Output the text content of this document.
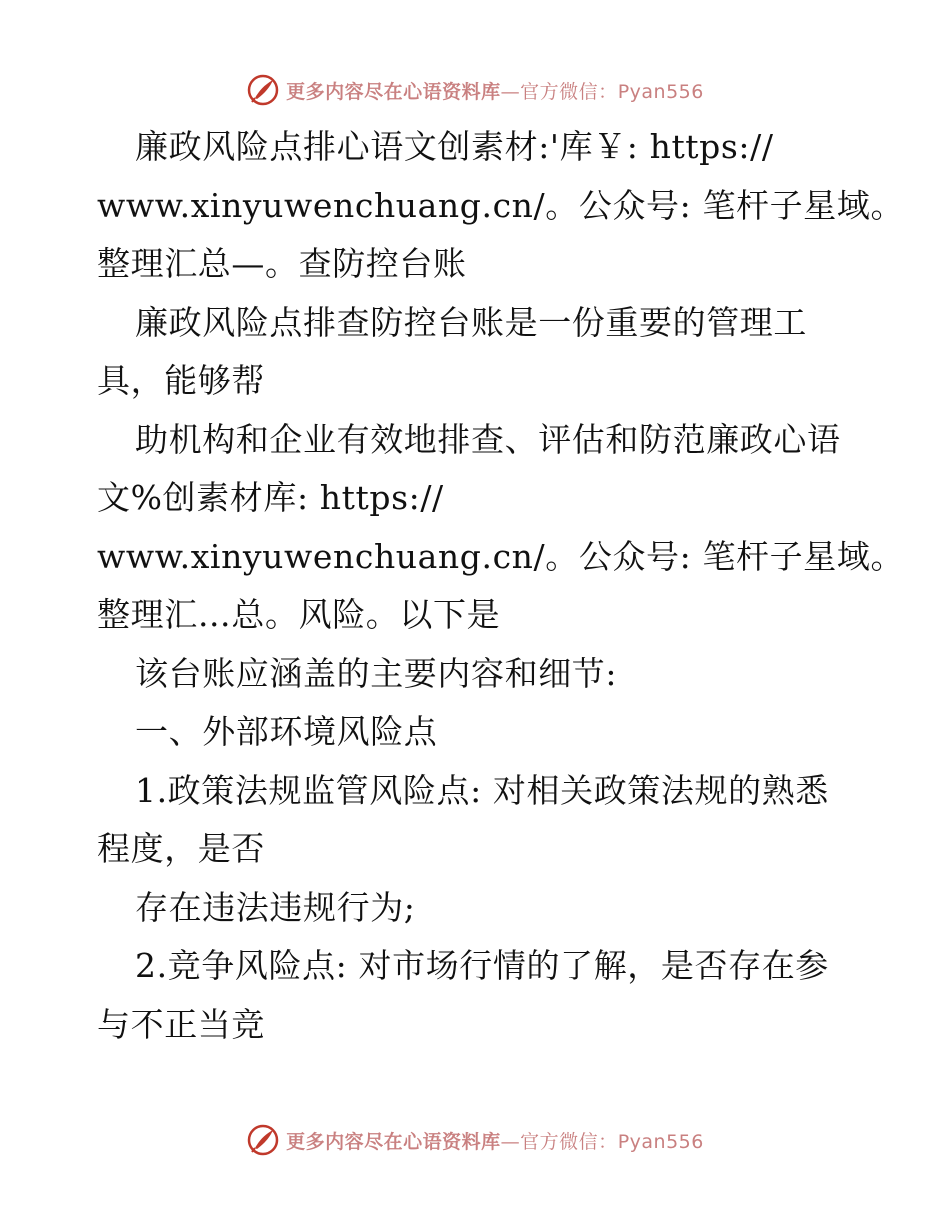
更多内容尽在心语资料库—官方微信：Pyan556
廉政风险点排心语文创素材:'库￥: https://
www.xinyuwenchuang.cn/。公众号: 笔杆子星域。
整理汇总—。查防控台账
廉政风险点排查防控台账是一份重要的管理工
具，能够帮
助机构和企业有效地排查、评估和防范廉政心语
文%创素材库: https://
www.xinyuwenchuang.cn/。公众号: 笔杆子星域。
整理汇…总。风险。以下是
该台账应涵盖的主要内容和细节:
一、外部环境风险点
1.政策法规监管风险点: 对相关政策法规的熟悉
程度，是否
存在违法违规行为;
2.竞争风险点: 对市场行情的了解，是否存在参
与不正当竞
更多内容尽在心语资料库—官方微信：Pyan556
